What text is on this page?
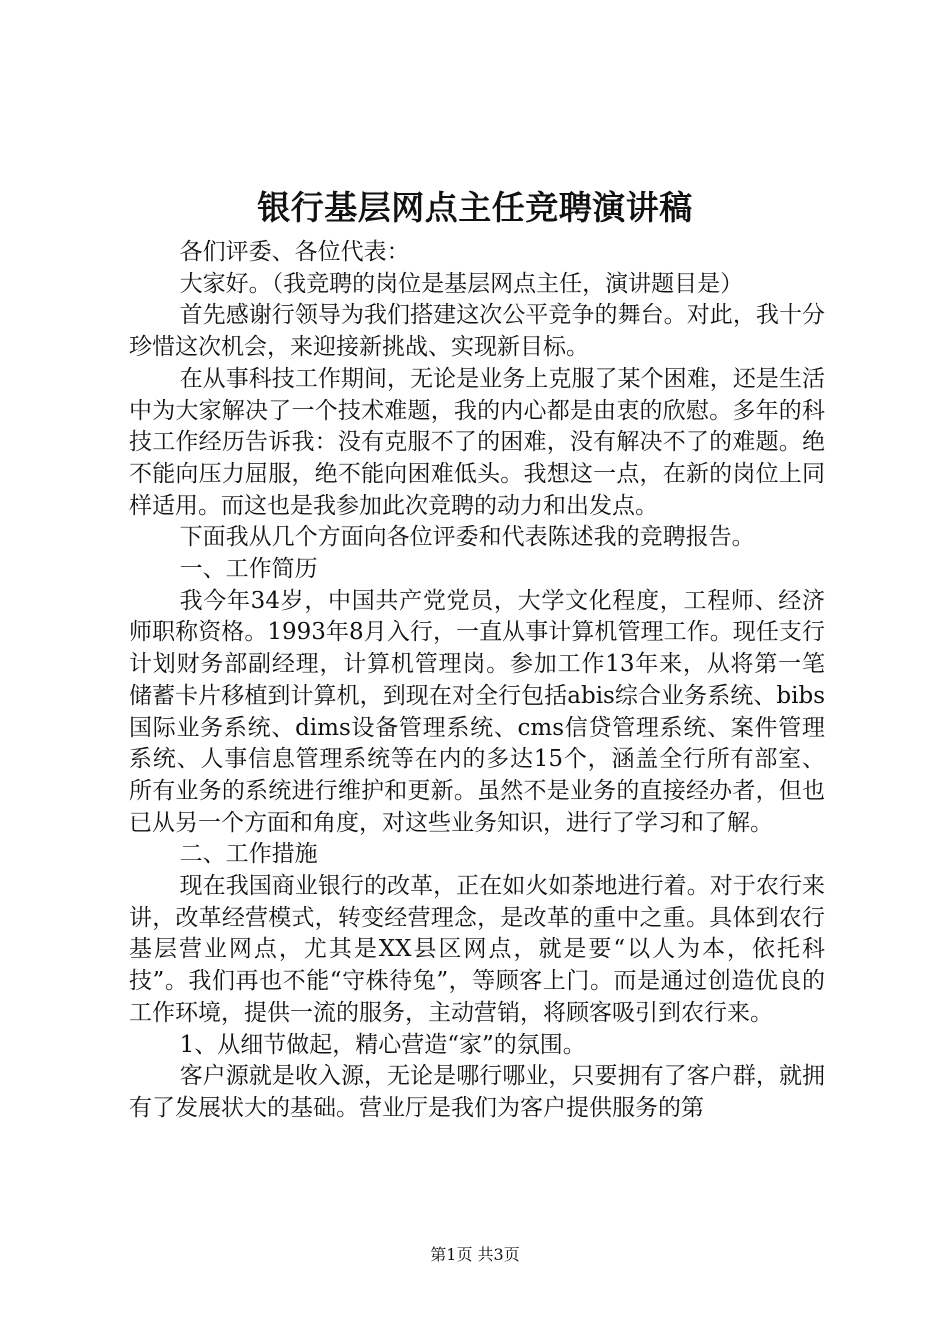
银行基层网点主任竞聘演讲稿

各们评委、各位代表：

大家好。（我竞聘的岗位是基层网点主任，演讲题目是）

首先感谢行领导为我们搭建这次公平竞争的舞台。对此，我十分珍惜这次机会，来迎接新挑战、实现新目标。

在从事科技工作期间，无论是业务上克服了某个困难，还是生活中为大家解决了一个技术难题，我的内心都是由衷的欣慰。多年的科技工作经历告诉我：没有克服不了的困难，没有解决不了的难题。绝不能向压力屈服，绝不能向困难低头。我想这一点，在新的岗位上同样适用。而这也是我参加此次竞聘的动力和出发点。

下面我从几个方面向各位评委和代表陈述我的竞聘报告。

一、工作简历

我今年34岁，中国共产党党员，大学文化程度，工程师、经济师职称资格。1993年8月入行，一直从事计算机管理工作。现任支行计划财务部副经理，计算机管理岗。参加工作13年来，从将第一笔储蓄卡片移植到计算机，到现在对全行包括abis综合业务系统、bibs国际业务系统、dims设备管理系统、cms信贷管理系统、案件管理系统、人事信息管理系统等在内的多达15个，涵盖全行所有部室、所有业务的系统进行维护和更新。虽然不是业务的直接经办者，但也已从另一个方面和角度，对这些业务知识，进行了学习和了解。

二、工作措施

现在我国商业银行的改革，正在如火如荼地进行着。对于农行来讲，改革经营模式，转变经营理念，是改革的重中之重。具体到农行基层营业网点，尤其是XX县区网点，就是要“以人为本，依托科技”。我们再也不能“守株待兔”，等顾客上门。而是通过创造优良的工作环境，提供一流的服务，主动营销，将顾客吸引到农行来。

1、从细节做起，精心营造“家”的氛围。

客户源就是收入源，无论是哪行哪业，只要拥有了客户群，就拥有了发展状大的基础。营业厅是我们为客户提供服务的第

第1页 共3页
